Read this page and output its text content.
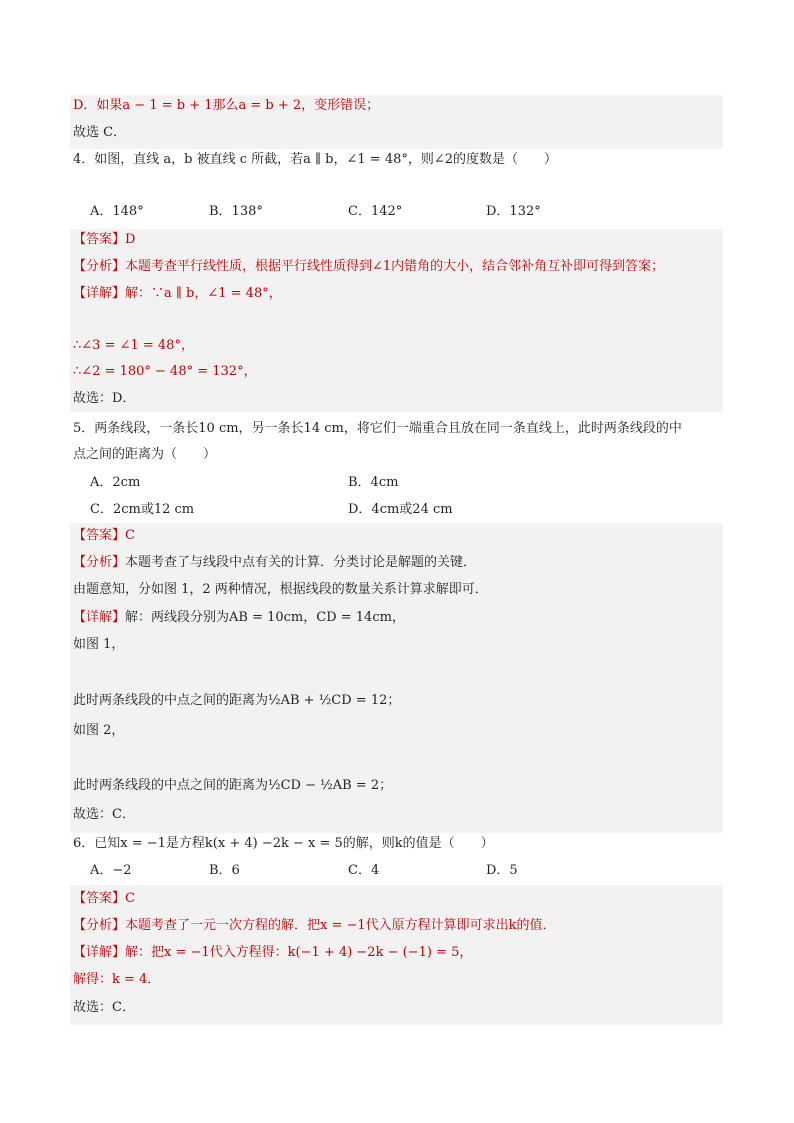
D．如果a − 1 = b + 1那么a = b + 2，变形错误；
故选 C．
4．如图，直线 a，b 被直线 c 所截，若a ∥ b，∠1 = 48°，则∠2的度数是（　　）
A．148°	B．138°	C．142°	D．132°
【答案】D
【分析】本题考查平行线性质，根据平行线性质得到∠1内错角的大小，结合邻补角互补即可得到答案；
【详解】解：∵a ∥ b，∠1 = 48°，
∴∠3 = ∠1 = 48°，
∴∠2 = 180° − 48° = 132°，
故选：D．
5．两条线段，一条长10 cm，另一条长14 cm，将它们一端重合且放在同一条直线上，此时两条线段的中
点之间的距离为（　　）
A．2cm	B．4cm
C．2cm或12 cm	D．4cm或24 cm
【答案】C
【分析】本题考查了与线段中点有关的计算．分类讨论是解题的关键．
由题意知，分如图 1，2 两种情况，根据线段的数量关系计算求解即可．
【详解】解：两线段分别为AB = 10cm，CD = 14cm，
如图 1，
此时两条线段的中点之间的距离为½AB + ½CD = 12；
如图 2，
此时两条线段的中点之间的距离为½CD − ½AB = 2；
故选：C．
6．已知x = −1是方程k(x + 4) −2k − x = 5的解，则k的值是（　　）
A．−2	B．6	C．4	D．5
【答案】C
【分析】本题考查了一元一次方程的解．把x = −1代入原方程计算即可求出k的值．
【详解】解：把x = −1代入方程得：k(−1 + 4) −2k − (−1) = 5，
解得：k = 4．
故选：C．
